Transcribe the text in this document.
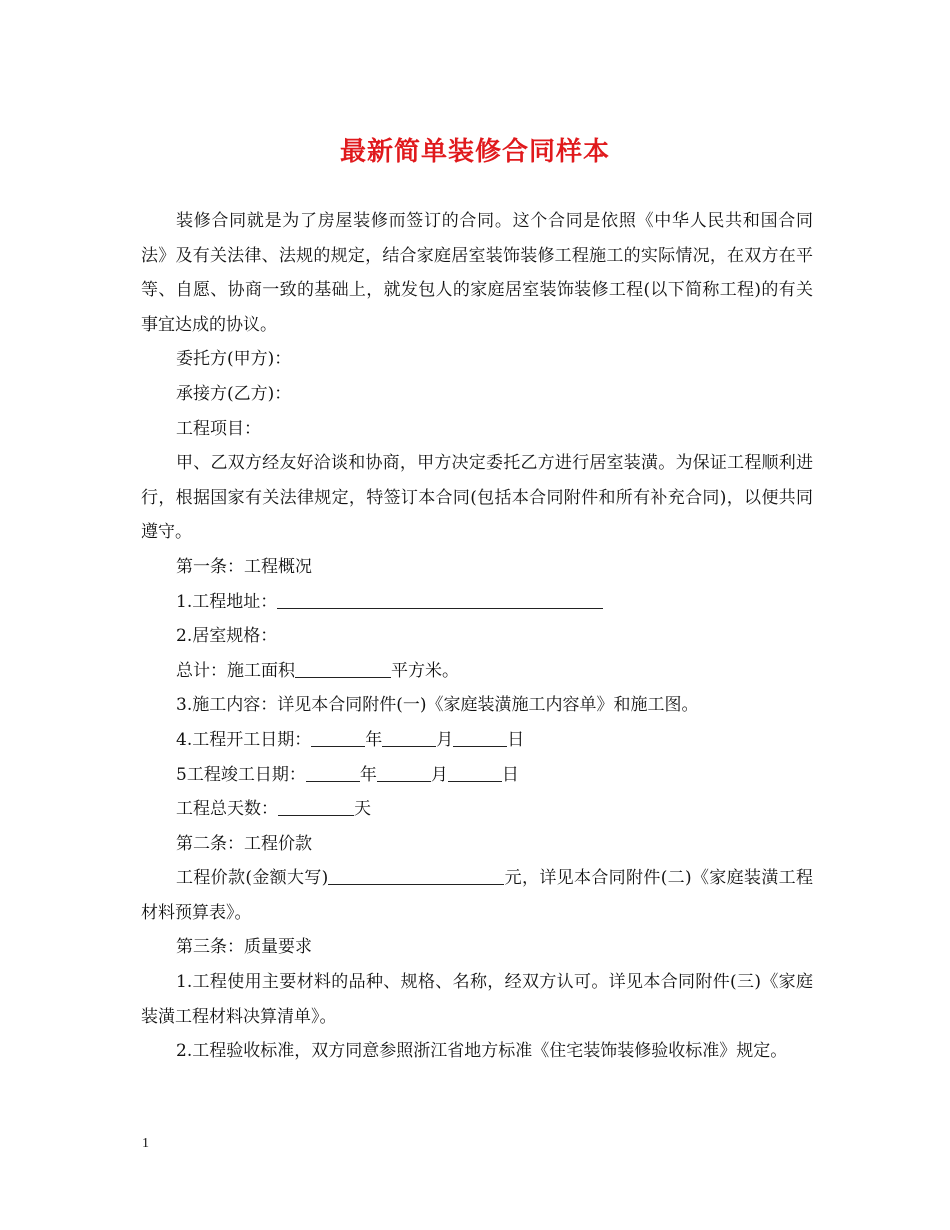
最新简单装修合同样本

装修合同就是为了房屋装修而签订的合同。这个合同是依照《中华人民共和国合同法》及有关法律、法规的规定，结合家庭居室装饰装修工程施工的实际情况，在双方在平等、自愿、协商一致的基础上，就发包人的家庭居室装饰装修工程(以下简称工程)的有关事宜达成的协议。

委托方(甲方)：

承接方(乙方)：

工程项目：

甲、乙双方经友好洽谈和协商，甲方决定委托乙方进行居室装潢。为保证工程顺利进行，根据国家有关法律规定，特签订本合同(包括本合同附件和所有补充合同)，以便共同遵守。

第一条：工程概况

1.工程地址：

2.居室规格：

总计：施工面积	平方米。

3.施工内容：详见本合同附件(一)《家庭装潢施工内容单》和施工图。

4.工程开工日期：	年	月	日

5工程竣工日期：	年	月	日

工程总天数：	天

第二条：工程价款

工程价款(金额大写)	元，详见本合同附件(二)《家庭装潢工程材料预算表》。

第三条：质量要求

1.工程使用主要材料的品种、规格、名称，经双方认可。详见本合同附件(三)《家庭装潢工程材料决算清单》。

2.工程验收标准，双方同意参照浙江省地方标准《住宅装饰装修验收标准》规定。

1
